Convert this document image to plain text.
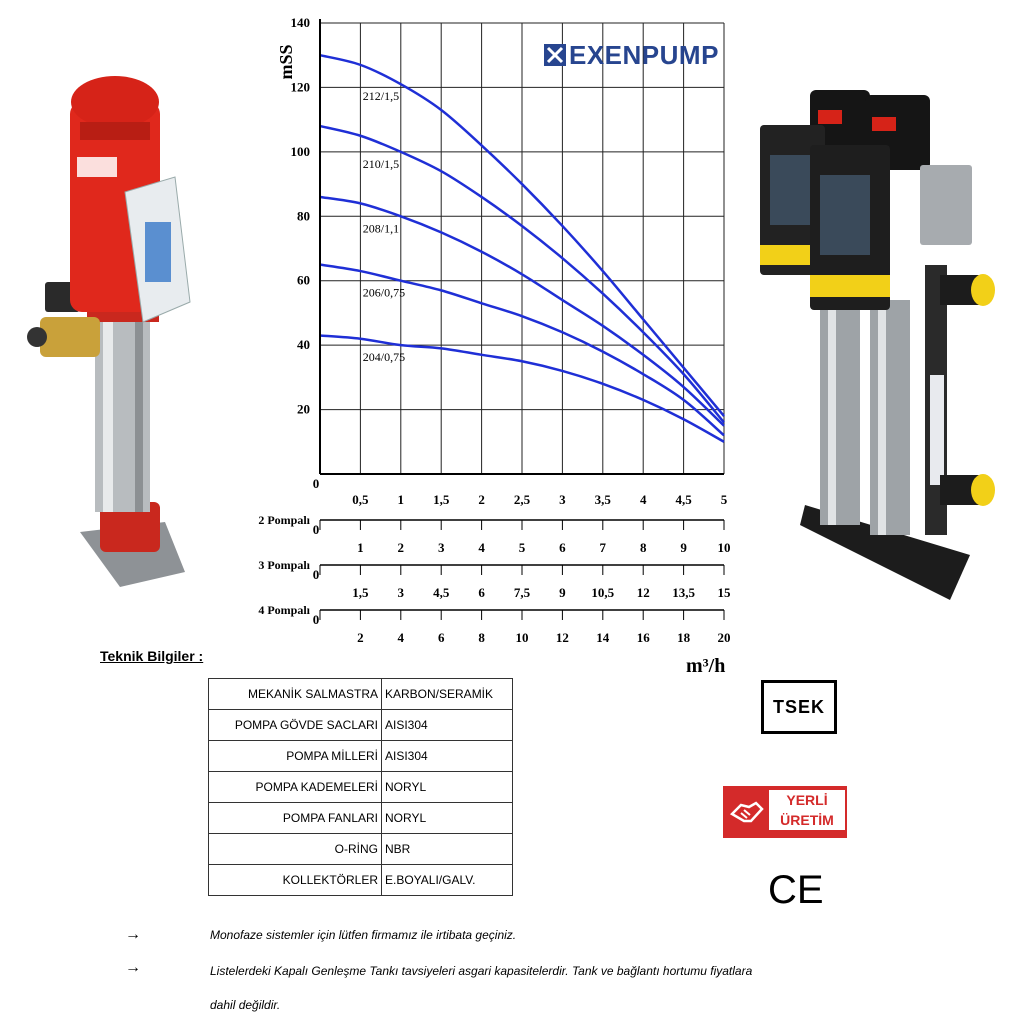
212/1,5
210/1,5
208/1,1
206/0,75
204/0,75
20
40
60
80
100
120
140
0
0,5 1 1,5 2 2,5 3 3,5 4 4,5 5
2 Pompalı
0
1	2	3	4	5	6	7	8	9 10
3 Pompalı
0
1,5 3 4,5 6 7,5 9 10,5 12 13,5 15
4 Pompalı
0
2	4	6	8 10 12 14 16 18 20
mSS
m³/h
EXENPUMP
Teknik Bilgiler :
MEKANİK SALMASTRA	KARBON/SERAMİK
POMPA GÖVDE SACLARI	AISI304
POMPA MİLLERİ	AISI304
POMPA KADEMELERİ	NORYL
POMPA FANLARI	NORYL
O-RİNG	NBR
KOLLEKTÖRLER	E.BOYALI/GALV.
→	Monofaze sistemler için lütfen firmamız ile irtibata geçiniz.
→	Listelerdeki Kapalı Genleşme Tankı tavsiyeleri asgari kapasitelerdir. Tank ve bağlantı hortumu fiyatlara dahil değildir.
TSEK
YERLİ
ÜRETİM
CE
